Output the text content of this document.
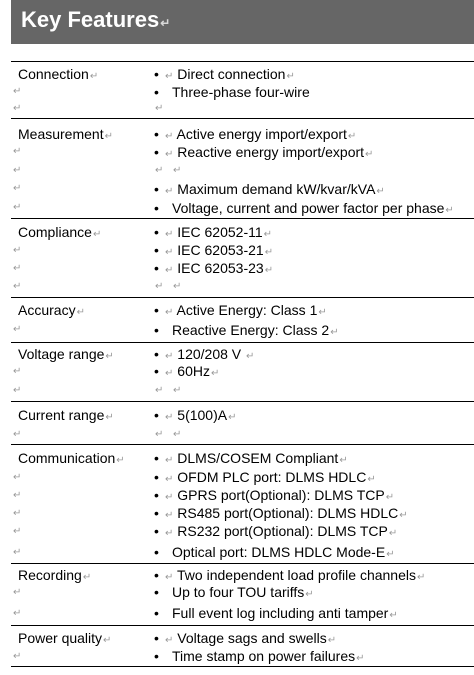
Key Features↵
Connection↵	• ↵ Direct connection↵
• Three-phase four-wire
↵
↵	↵
Measurement↵	• ↵ Active energy import/export↵
• ↵ Reactive energy import/export↵
↵
↵	↵ ↵
• ↵ Maximum demand kW/kvar/kVA↵
↵
• Voltage, current and power factor per phase↵
↵
Compliance↵	• ↵ IEC 62052-11↵
• ↵ IEC 62053-21↵
↵
• ↵ IEC 62053-23↵
↵
↵	↵ ↵
Accuracy↵	• ↵ Active Energy: Class 1↵
• Reactive Energy: Class 2↵
↵
Voltage range↵	• ↵ 120/208 V ↵
• ↵ 60Hz↵
↵
↵	↵ ↵
Current range↵	• ↵ 5(100)A↵
↵	↵ ↵
Communication↵ • ↵ DLMS/COSEM Compliant↵
• ↵ OFDM PLC port: DLMS HDLC↵
↵
• ↵ GPRS port(Optional): DLMS TCP↵
↵
• ↵ RS485 port(Optional): DLMS HDLC↵
↵
• ↵ RS232 port(Optional): DLMS TCP↵
↵
• Optical port: DLMS HDLC Mode-E↵
↵
Recording↵	• ↵ Two independent load profile channels↵
• Up to four TOU tariffs↵
↵
• Full event log including anti tamper↵
↵
Power quality↵	• ↵ Voltage sags and swells↵
• Time stamp on power failures↵
↵
